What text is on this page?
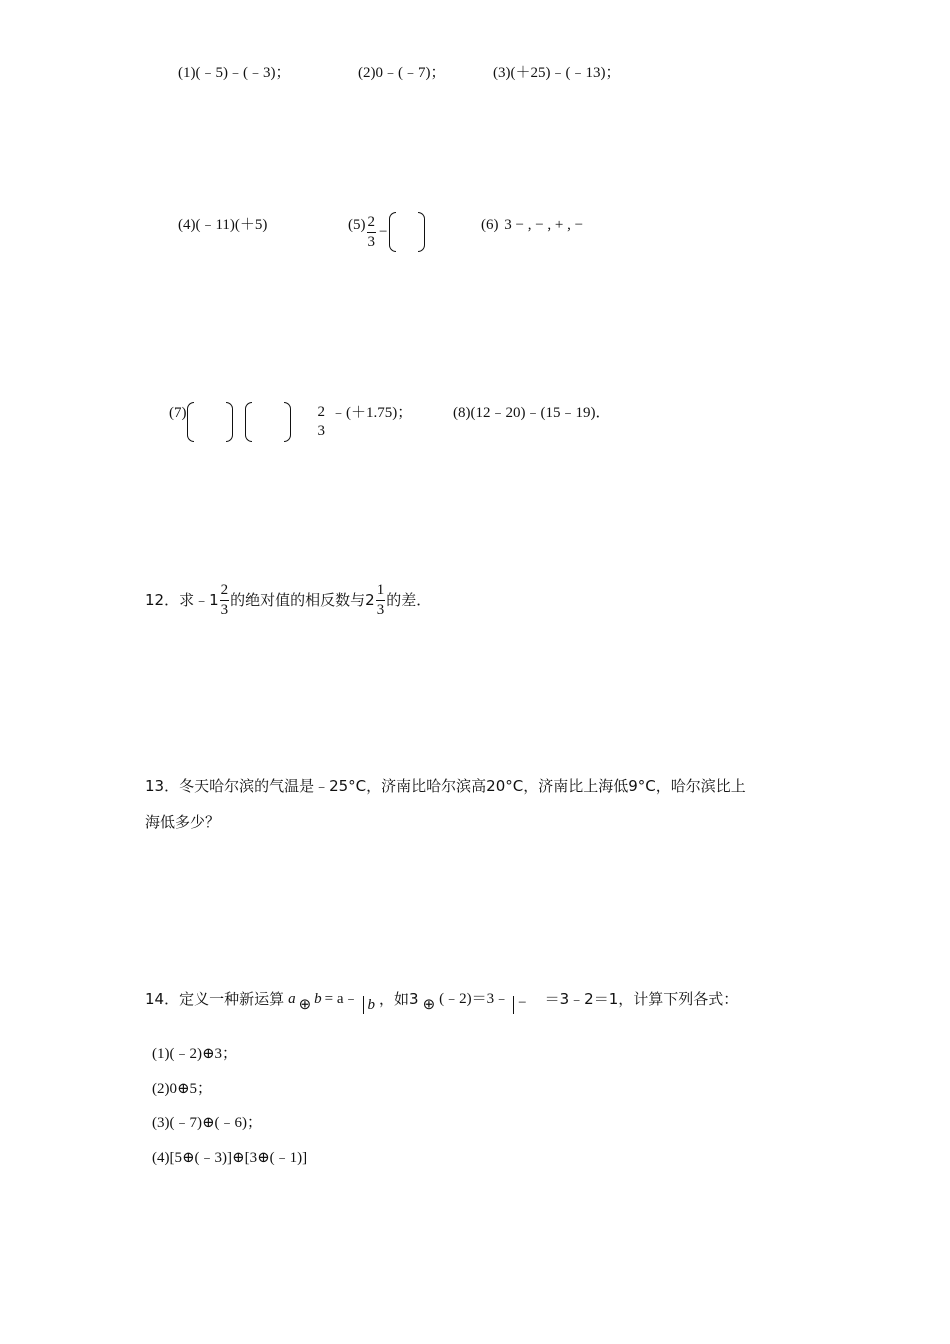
(1)(﹣5)﹣(﹣3)；	(2)0﹣(﹣7)；	(3)(＋25)﹣(﹣13)；
(4)(﹣11)(＋5)	$(5) \frac{2}{3}$ −	(6) 3 − , − , + , −
(7)	2
3
﹣(＋1.75)；	(8)(12﹣20)﹣(15﹣19)．
12．求﹣1 $\frac{2}{3}$ 的绝对值的相反数与$2 \frac{1}{3}$ 的差．
13．冬天哈尔滨的气温是﹣25°C，济南比哈尔滨高20°C，济南比上海低9°C，哈尔滨比上
海低多少？
14．定义一种新运算 a ⊕ b = a﹣ b ，如3 ⊕ (﹣2)＝3﹣ − ＝3﹣2＝1，计算下列各式：
(1)(﹣2)⊕3；
(2)0⊕5；
(3)(﹣7)⊕(﹣6)；
(4)[5⊕(﹣3)]⊕[3⊕(﹣1)]
